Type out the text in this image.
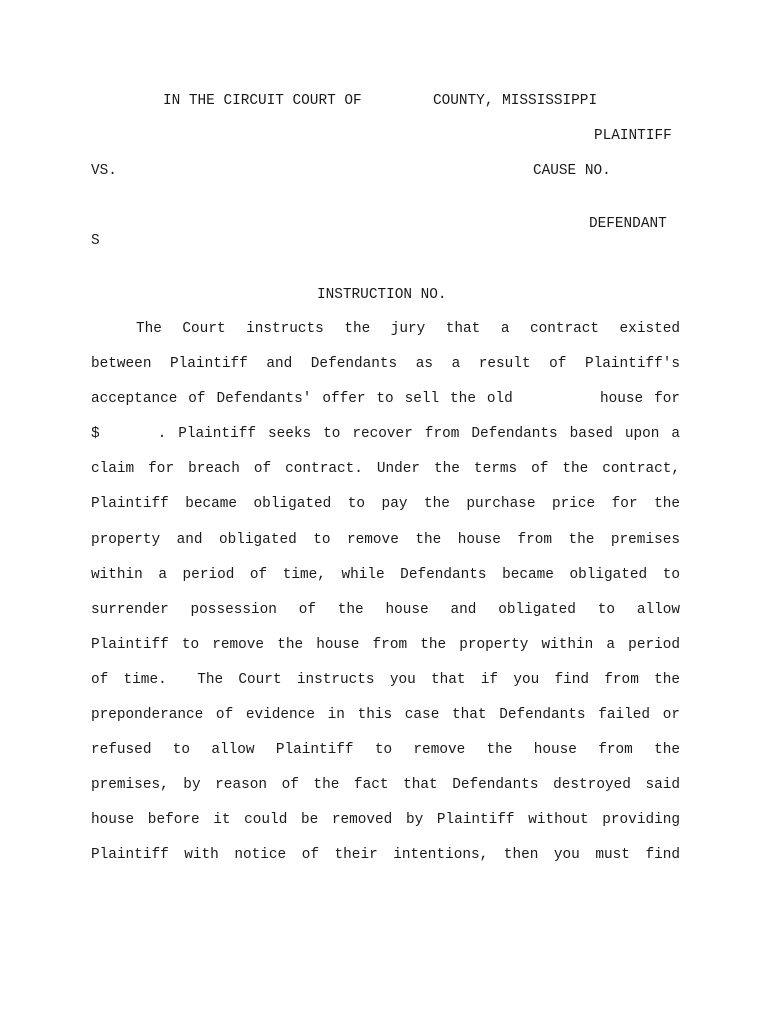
IN THE CIRCUIT COURT OF	COUNTY, MISSISSIPPI
PLAINTIFF
VS.	CAUSE NO.
DEFENDANT
S
INSTRUCTION NO.
The Court instructs the jury that a contract existed
between Plaintiff and Defendants as a result of Plaintiff's
acceptance of Defendants' offer to sell the old        house for
$	. Plaintiff seeks to recover from Defendants based upon a
claim for breach of contract. Under the terms of the contract,
Plaintiff became obligated to pay the purchase price for the
property and obligated to remove the house from the premises
within a period of time, while Defendants became obligated to
surrender possession of the house and obligated to allow
Plaintiff to remove the house from the property within a period
of time.  The Court instructs you that if you find from the
preponderance of evidence in this case that Defendants failed or
refused to allow Plaintiff to remove the house from the
premises, by reason of the fact that Defendants destroyed said
house before it could be removed by Plaintiff without providing
Plaintiff with notice of their intentions, then you must find
